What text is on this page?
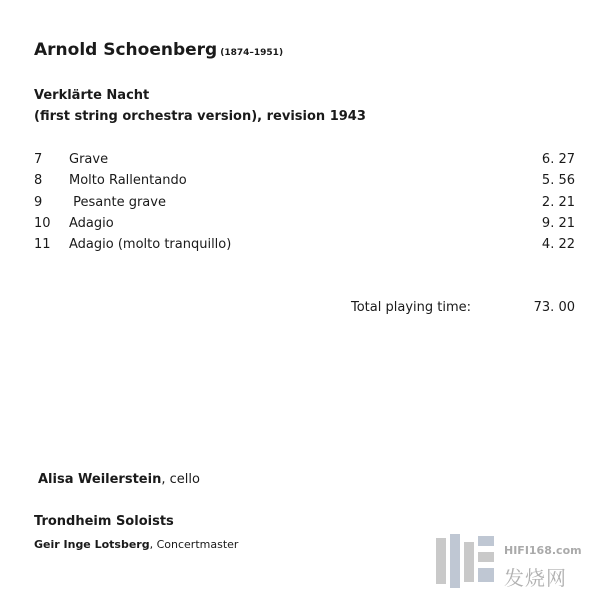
Arnold Schoenberg (1874–1951)
Verklärte Nacht
(first string orchestra version), revision 1943
7 Grave	6. 27
8 Molto Rallentando	5. 56
9 Pesante grave	2. 21
10 Adagio	9. 21
11 Adagio (molto tranquillo)	4. 22
Total playing time:	73. 00
Alisa Weilerstein, cello
Trondheim Soloists
Geir Inge Lotsberg, Concertmaster	HIFI168.com
发烧网
